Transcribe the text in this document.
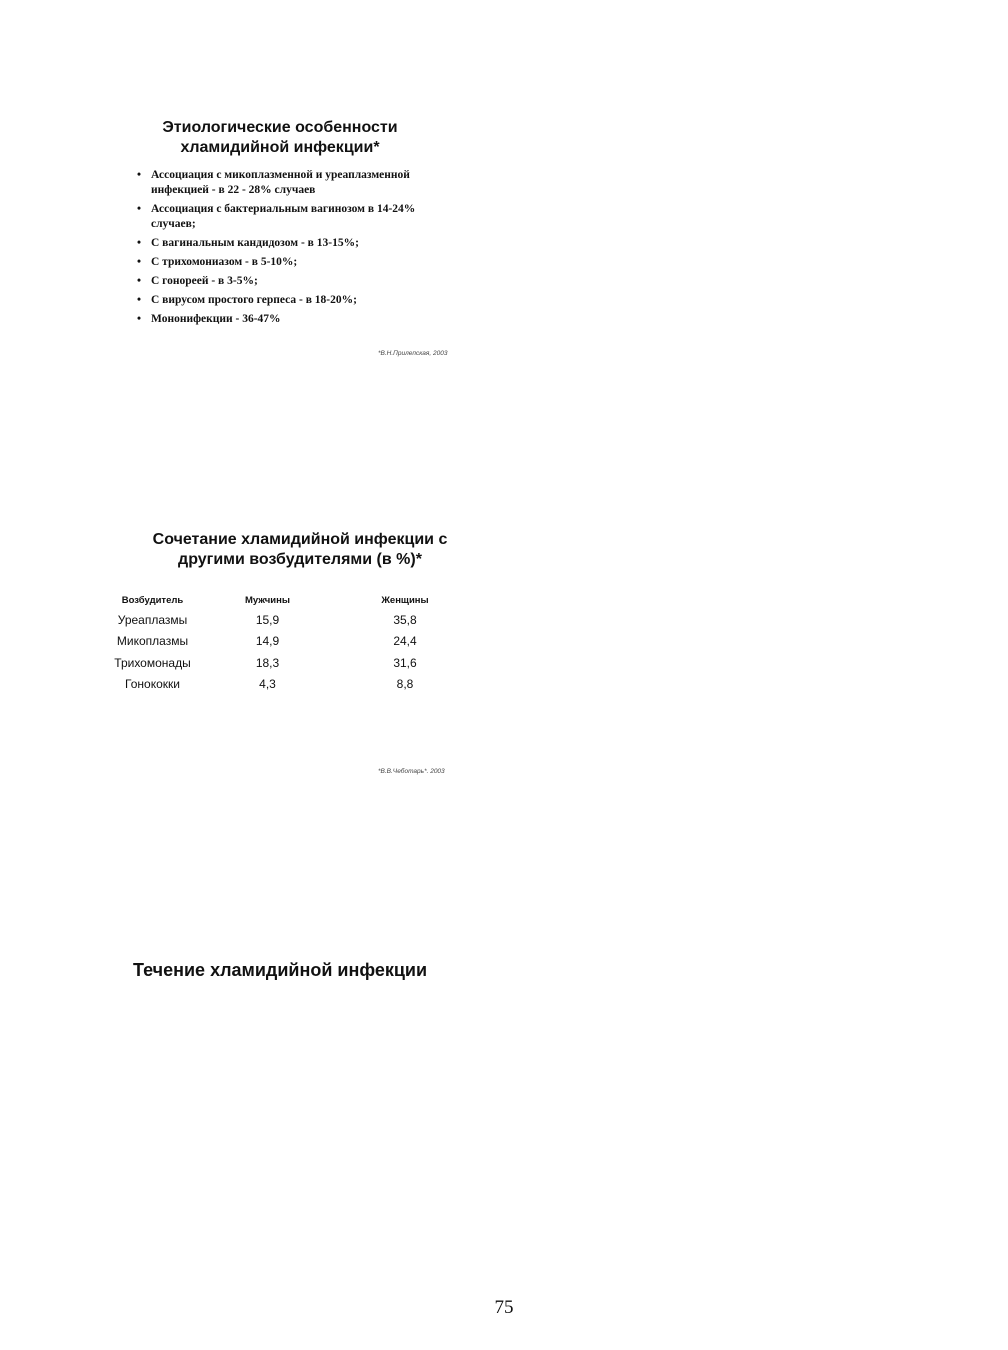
Этиологические особенности
хламидийной инфекции*
• Ассоциация с микоплазменной и уреаплазменной инфекцией - в 22 - 28% случаев
• Ассоциация с бактериальным вагинозом в 14-24% случаев;
• С вагинальным кандидозом - в 13-15%;
• С трихомониазом - в 5-10%;
• С гонореей - в 3-5%;
• С вирусом простого герпеса - в 18-20%;
• Мононифекции - 36-47%
*В.Н.Прилепская, 2003
Сочетание хламидийной инфекции с
другими возбудителями (в %)*
Возбудитель	Мужчины	Женщины
Уреаплазмы	15,9	35,8
Микоплазмы	14,9	24,4
Трихомонады	18,3	31,6
Гонококки	4,3	8,8
*В.В.Чеботарь*. 2003
Течение хламидийной инфекции
75
